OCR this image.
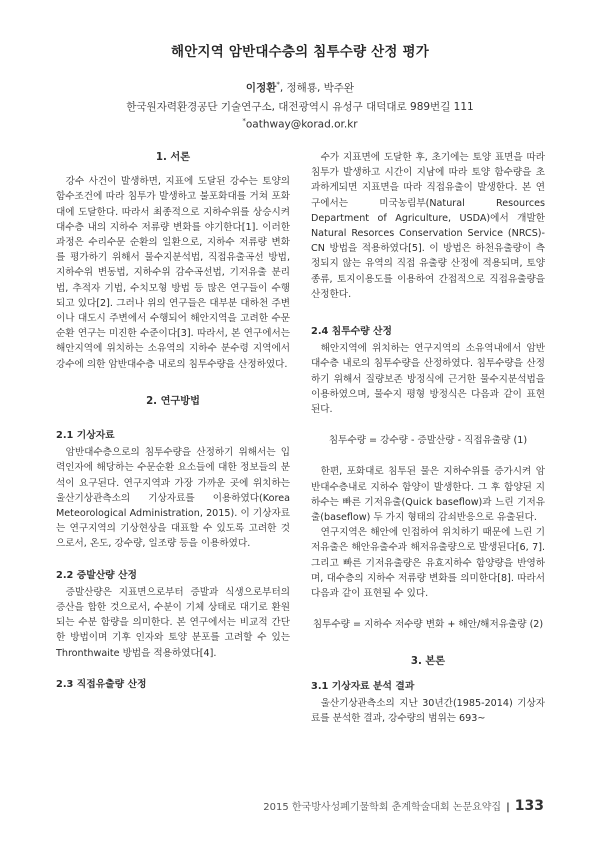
해안지역 암반대수층의 침투수량 산정 평가
이정환*, 정해룡, 박주완
한국원자력환경공단 기술연구소, 대전광역시 유성구 대덕대로 989번길 111
*oathway@korad.or.kr
1. 서론

강수 사건이 발생하면, 지표에 도달된 강수는 토양의 함수조건에 따라 침투가 발생하고 불포화대를 거쳐 포화대에 도달한다. 따라서 최종적으로 지하수위를 상승시켜 대수층 내의 지하수 저류량 변화를 야기한다[1]. 이러한 과정은 수리수문 순환의 일환으로, 지하수 저류량 변화를 평가하기 위해서 물수지분석법, 직접유출곡선 방법, 지하수위 변동법, 지하수위 감수곡선법, 기저유출 분리법, 추적자 기법, 수치모형 방법 등 많은 연구들이 수행되고 있다[2]. 그러나 위의 연구들은 대부분 대하천 주변이나 대도시 주변에서 수행되어 해안지역을 고려한 수문순환 연구는 미진한 수준이다[3]. 따라서, 본 연구에서는 해안지역에 위치하는 소유역의 지하수 분수령 지역에서 강수에 의한 암반대수층 내로의 침투수량을 산정하였다.

2. 연구방법
2.1 기상자료

암반대수층으로의 침투수량을 산정하기 위해서는 입력인자에 해당하는 수문순환 요소들에 대한 정보들의 분석이 요구된다. 연구지역과 가장 가까운 곳에 위치하는 울산기상관측소의 기상자료를 이용하였다(Korea Meteorological Administration, 2015). 이 기상자료는 연구지역의 기상현상을 대표할 수 있도록 고려한 것으로서, 온도, 강수량, 일조량 등을 이용하였다.

2.2 증발산량 산정

증발산량은 지표면으로부터 증발과 식생으로부터의 증산을 합한 것으로서, 수분이 기체 상태로 대기로 환원되는 수분 함량을 의미한다. 본 연구에서는 비교적 간단한 방법이며 기후 인자와 토양 분포를 고려할 수 있는 Thronthwaite 방법을 적용하였다[4].

2.3 직접유출량 산정

수가 지표면에 도달한 후, 초기에는 토양 표면을 따라 침투가 발생하고 시간이 지남에 따라 토양 함수량을 초과하게되면 지표면을 따라 직접유출이 발생한다. 본 연구에서는 미국농림부(Natural Resources Department of Agriculture, USDA)에서 개발한 Natural Resorces Conservation Service (NRCS)-CN 방법을 적용하였다[5]. 이 방법은 하천유출량이 측정되지 않는 유역의 직접 유출량 산정에 적용되며, 토양 종류, 토지이용도를 이용하여 간접적으로 직접유출량을 산정한다.

2.4 침투수량 산정

해안지역에 위치하는 연구지역의 소유역내에서 암반대수층 내로의 침투수량을 산정하였다. 침투수량을 산정하기 위해서 질량보존 방정식에 근거한 물수지분석법을 이용하였으며, 물수지 평형 방정식은 다음과 같이 표현된다.

침투수량 = 강수량 - 증발산량 - 직접유출량 (1)

한편, 포화대로 침투된 물은 지하수위를 증가시켜 암반대수층내로 지하수 함양이 발생한다. 그 후 함양된 지하수는 빠른 기저유출(Quick baseflow)과 느린 기저유출(baseflow) 두 가지 형태의 감쇠반응으로 유출된다.

연구지역은 해안에 인접하여 위치하기 때문에 느린 기저유출은 해안유출수과 해저유출량으로 발생된다[6, 7]. 그리고 빠른 기저유출량은 유효지하수 함양량을 반영하며, 대수층의 지하수 저류량 변화를 의미한다[8]. 따라서 다음과 같이 표현될 수 있다.

침투수량 = 지하수 저수량 변화 + 해안/해저유출량 (2)

3. 본론
3.1 기상자료 분석 결과

울산기상관측소의 지난 30년간(1985-2014) 기상자료를 분석한 결과, 강수량의 범위는 693~

2015 한국방사성폐기물학회 춘계학술대회 논문요약집 | 133
